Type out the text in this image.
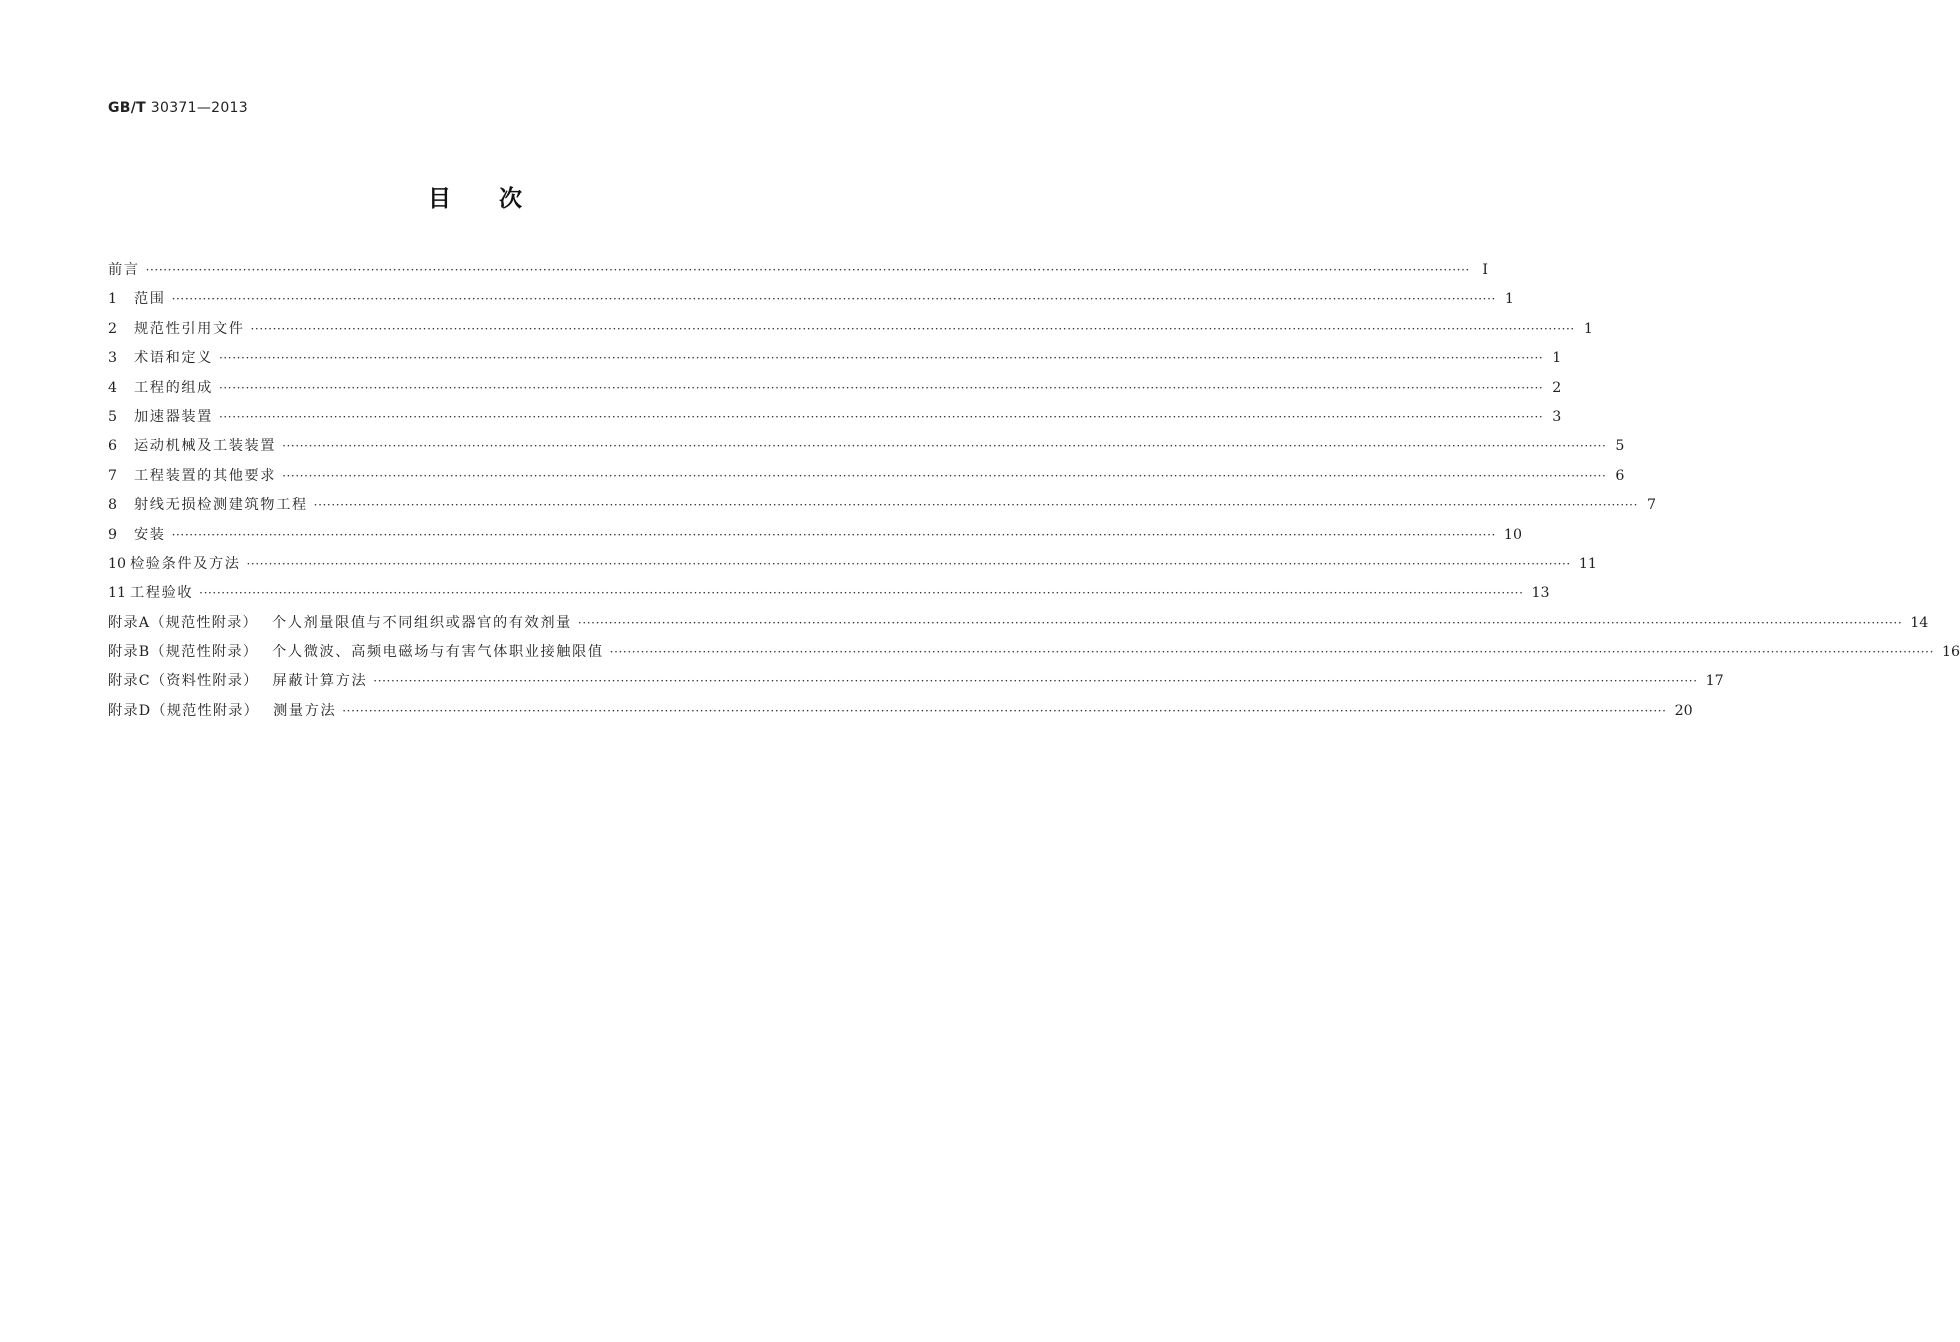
GB/T 30371—2013
目 次
前言 ············································································································································································································································································································ Ⅰ
1	范围 ············································································································································································································································································································ 1
2	规范性引用文件 ············································································································································································································································································································ 1
3	术语和定义 ············································································································································································································································································································ 1
4	工程的组成 ············································································································································································································································································································ 2
5	加速器装置 ············································································································································································································································································································ 3
6	运动机械及工装装置 ············································································································································································································································································································ 5
7	工程装置的其他要求 ············································································································································································································································································································ 6
8	射线无损检测建筑物工程 ············································································································································································································································································································ 7
9	安装 ············································································································································································································································································································ 10
10 检验条件及方法 ············································································································································································································································································································ 11
11 工程验收 ············································································································································································································································································································ 13
附录A（规范性附录） 个人剂量限值与不同组织或器官的有效剂量 ············································································································································································································································································································ 14
附录B（规范性附录） 个人微波、高频电磁场与有害气体职业接触限值 ············································································································································································································································································································ 16
附录C（资料性附录） 屏蔽计算方法 ············································································································································································································································································································ 17
附录D（规范性附录） 测量方法 ············································································································································································································································································································ 20
